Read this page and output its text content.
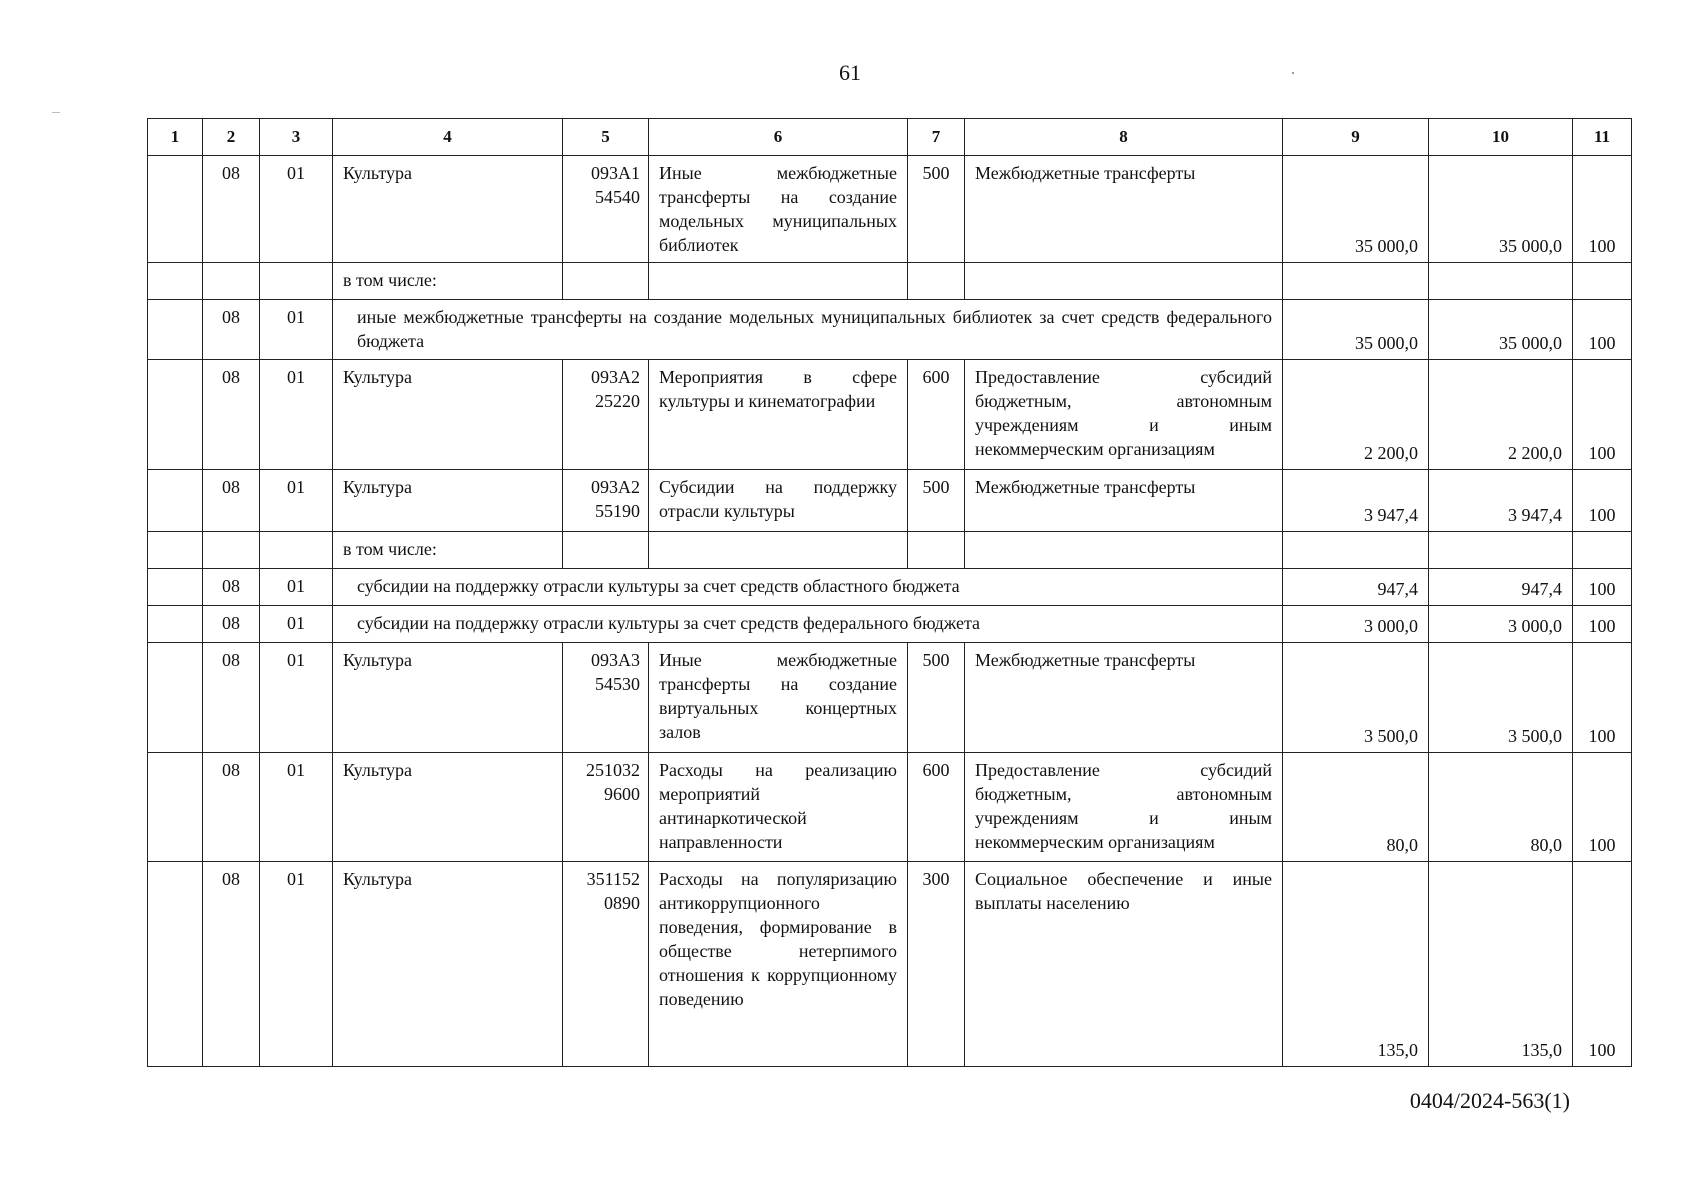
61
1	2	3	4	5	6	7	8	9	10	11
	08	01	Культура	093А1 54540	Иные межбюджетные трансферты на создание модельных муниципальных библиотек	500	Межбюджетные трансферты	35 000,0	35 000,0	100
			в том числе:							
	08	01	иные межбюджетные трансферты на создание модельных муниципальных библиотек за счет средств федерального бюджета					35 000,0	35 000,0	100
	08	01	Культура	093А2 25220	Мероприятия в сфере культуры и кинематографии	600	Предоставление субсидий бюджетным, автономным учреждениям и иным некоммерческим организациям	2 200,0	2 200,0	100
	08	01	Культура	093А2 55190	Субсидии на поддержку отрасли культуры	500	Межбюджетные трансферты	3 947,4	3 947,4	100
			в том числе:							
	08	01	субсидии на поддержку отрасли культуры за счет средств областного бюджета					947,4	947,4	100
	08	01	субсидии на поддержку отрасли культуры за счет средств федерального бюджета					3 000,0	3 000,0	100
	08	01	Культура	093А3 54530	Иные межбюджетные трансферты на создание виртуальных концертных залов	500	Межбюджетные трансферты	3 500,0	3 500,0	100
	08	01	Культура	251032 9600	Расходы на реализацию мероприятий антинаркотической направленности	600	Предоставление субсидий бюджетным, автономным учреждениям и иным некоммерческим организациям	80,0	80,0	100
	08	01	Культура	351152 0890	Расходы на популяризацию антикоррупционного поведения, формирование в обществе нетерпимого отношения к коррупционному поведению	300	Социальное обеспечение и иные выплаты населению	135,0	135,0	100
0404/2024-563(1)
